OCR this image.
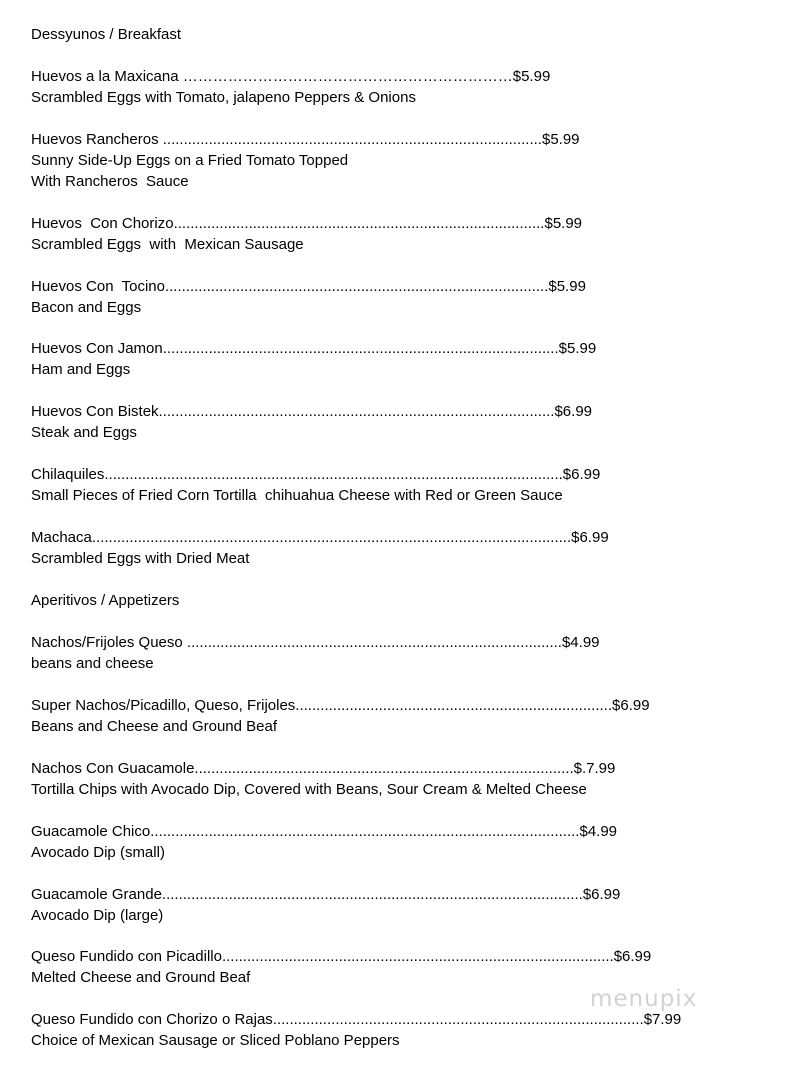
Dessyunos / Breakfast
Huevos a la Maxicana …………………………………………………………$5.99
Scrambled Eggs with Tomato, jalapeno Peppers & Onions
Huevos Rancheros ...........................................................................................$5.99
Sunny Side-Up Eggs on a Fried Tomato Topped
With Rancheros  Sauce
Huevos  Con Chorizo.........................................................................................$5.99
Scrambled Eggs  with  Mexican Sausage
Huevos Con  Tocino............................................................................................$5.99
Bacon and Eggs
Huevos Con Jamon...............................................................................................$5.99
Ham and Eggs
Huevos Con Bistek...............................................................................................$6.99
Steak and Eggs
Chilaquiles..............................................................................................................$6.99
Small Pieces of Fried Corn Tortilla  chihuahua Cheese with Red or Green Sauce
Machaca...................................................................................................................$6.99
Scrambled Eggs with Dried Meat
Aperitivos / Appetizers
Nachos/Frijoles Queso ..........................................................................................$4.99
beans and cheese
Super Nachos/Picadillo, Queso, Frijoles............................................................................$6.99
Beans and Cheese and Ground Beaf
Nachos Con Guacamole...........................................................................................$.7.99
Tortilla Chips with Avocado Dip, Covered with Beans, Sour Cream & Melted Cheese
Guacamole Chico.......................................................................................................$4.99
Avocado Dip (small)
Guacamole Grande.....................................................................................................$6.99
Avocado Dip (large)
Queso Fundido con Picadillo..............................................................................................$6.99
Melted Cheese and Ground Beaf
Queso Fundido con Chorizo o Rajas.........................................................................................$7.99
Choice of Mexican Sausage or Sliced Poblano Peppers
menupix
